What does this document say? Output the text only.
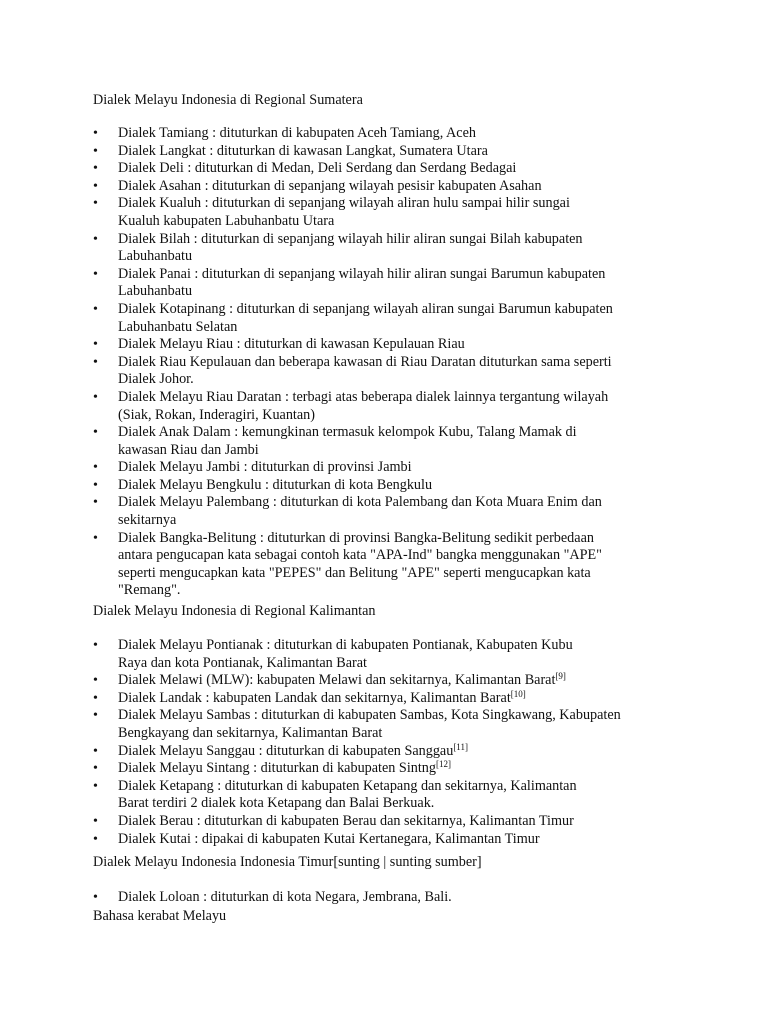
Dialek Melayu Indonesia di Regional Sumatera
• Dialek Tamiang : dituturkan di kabupaten Aceh Tamiang, Aceh
• Dialek Langkat : dituturkan di kawasan Langkat, Sumatera Utara
• Dialek Deli : dituturkan di Medan, Deli Serdang dan Serdang Bedagai
• Dialek Asahan : dituturkan di sepanjang wilayah pesisir kabupaten Asahan
• Dialek Kualuh : dituturkan di sepanjang wilayah aliran hulu sampai hilir sungai
Kualuh kabupaten Labuhanbatu Utara
• Dialek Bilah : dituturkan di sepanjang wilayah hilir aliran sungai Bilah kabupaten
Labuhanbatu
• Dialek Panai : dituturkan di sepanjang wilayah hilir aliran sungai Barumun kabupaten
Labuhanbatu
• Dialek Kotapinang : dituturkan di sepanjang wilayah aliran sungai Barumun kabupaten
Labuhanbatu Selatan
• Dialek Melayu Riau : dituturkan di kawasan Kepulauan Riau
• Dialek Riau Kepulauan dan beberapa kawasan di Riau Daratan dituturkan sama seperti
Dialek Johor.
• Dialek Melayu Riau Daratan : terbagi atas beberapa dialek lainnya tergantung wilayah
(Siak, Rokan, Inderagiri, Kuantan)
• Dialek Anak Dalam : kemungkinan termasuk kelompok Kubu, Talang Mamak di
kawasan Riau dan Jambi
• Dialek Melayu Jambi : dituturkan di provinsi Jambi
• Dialek Melayu Bengkulu : dituturkan di kota Bengkulu
• Dialek Melayu Palembang : dituturkan di kota Palembang dan Kota Muara Enim dan
sekitarnya
• Dialek Bangka-Belitung : dituturkan di provinsi Bangka-Belitung sedikit perbedaan
antara pengucapan kata sebagai contoh kata "APA-Ind" bangka menggunakan "APE"
seperti mengucapkan kata "PEPES" dan Belitung "APE" seperti mengucapkan kata
"Remang".
Dialek Melayu Indonesia di Regional Kalimantan
• Dialek Melayu Pontianak : dituturkan di kabupaten Pontianak, Kabupaten Kubu
Raya dan kota Pontianak, Kalimantan Barat
• Dialek Melawi (MLW): kabupaten Melawi dan sekitarnya, Kalimantan Barat[9]
• Dialek Landak : kabupaten Landak dan sekitarnya, Kalimantan Barat[10]
• Dialek Melayu Sambas : dituturkan di kabupaten Sambas, Kota Singkawang, Kabupaten
Bengkayang dan sekitarnya, Kalimantan Barat
• Dialek Melayu Sanggau : dituturkan di kabupaten Sanggau[11]
• Dialek Melayu Sintang : dituturkan di kabupaten Sintng[12]
• Dialek Ketapang : dituturkan di kabupaten Ketapang dan sekitarnya, Kalimantan
Barat terdiri 2 dialek kota Ketapang dan Balai Berkuak.
• Dialek Berau : dituturkan di kabupaten Berau dan sekitarnya, Kalimantan Timur
• Dialek Kutai : dipakai di kabupaten Kutai Kertanegara, Kalimantan Timur
Dialek Melayu Indonesia Indonesia Timur[sunting | sunting sumber]
• Dialek Loloan : dituturkan di kota Negara, Jembrana, Bali.
Bahasa kerabat Melayu
